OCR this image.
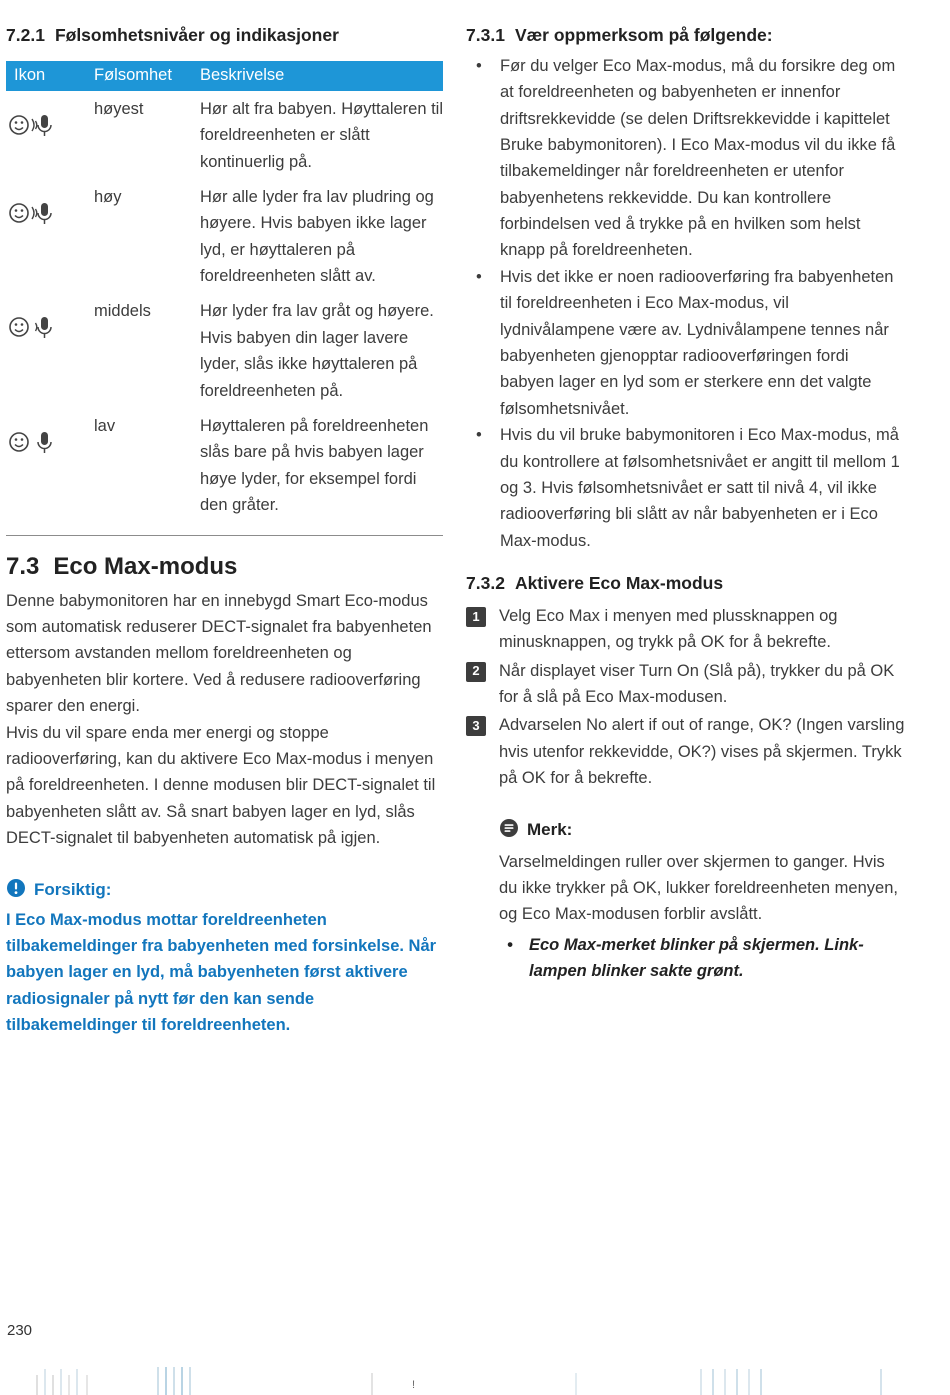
7.2.1 Følsomhetsnivåer og indikasjoner
Ikon	Følsomhet	Beskrivelse

	høyest	Hør alt fra babyen. Høyttaleren til foreldreenheten er slått kontinuerlig på.

	høy	Hør alle lyder fra lav pludring og høyere. Hvis babyen ikke lager lyd, er høyttaleren på foreldreenheten slått av.

	middels	Hør lyder fra lav gråt og høyere. Hvis babyen din lager lavere lyder, slås ikke høyttaleren på foreldreenheten på.

	lav	Høyttaleren på foreldreenheten slås bare på hvis babyen lager høye lyder, for eksempel fordi den gråter.
7.3 Eco Max-modus

Denne babymonitoren har en innebygd Smart Eco-modus som automatisk reduserer DECT-signalet fra babyenheten ettersom avstanden mellom foreldreenheten og babyenheten blir kortere. Ved å redusere radiooverføring sparer den energi.

Hvis du vil spare enda mer energi og stoppe radiooverføring, kan du aktivere Eco Max-modus i menyen på foreldreenheten. I denne modusen blir DECT-signalet til babyenheten slått av. Så snart babyen lager en lyd, slås DECT-signalet til babyenheten automatisk på igjen.

Forsiktig:

I Eco Max-modus mottar foreldreenheten tilbakemeldinger fra babyenheten med forsinkelse. Når babyen lager en lyd, må babyenheten først aktivere radiosignaler på nytt før den kan sende tilbakemeldinger til foreldreenheten.

7.3.1 Vær oppmerksom på følgende:
• Før du velger Eco Max-modus, må du forsikre deg om at foreldreenheten og babyenheten er innenfor driftsrekkevidde (se delen Driftsrekkevidde i kapittelet Bruke babymonitoren). I Eco Max-modus vil du ikke få tilbakemeldinger når foreldreenheten er utenfor babyenhetens rekkevidde. Du kan kontrollere forbindelsen ved å trykke på en hvilken som helst knapp på foreldreenheten.
• Hvis det ikke er noen radiooverføring fra babyenheten til foreldreenheten i Eco Max-modus, vil lydnivålampene være av. Lydnivålampene tennes når babyenheten gjenopptar radiooverføringen fordi babyen lager en lyd som er sterkere enn det valgte følsomhetsnivået.
• Hvis du vil bruke babymonitoren i Eco Max-modus, må du kontrollere at følsomhetsnivået er angitt til mellom 1 og 3. Hvis følsomhetsnivået er satt til nivå 4, vil ikke radiooverføring bli slått av når babyenheten er i Eco Max-modus.
7.3.2 Aktivere Eco Max-modus
1	Velg Eco Max i menyen med plussknappen og minusknappen, og trykk på OK for å bekrefte.
2	Når displayet viser Turn On (Slå på), trykker du på OK for å slå på Eco Max-modusen.
3	Advarselen No alert if out of range, OK? (Ingen varsling hvis utenfor rekkevidde, OK?) vises på skjermen. Trykk på OK for å bekrefte.
Merk:

Varselmeldingen ruller over skjermen to ganger. Hvis du ikke trykker på OK, lukker foreldreenheten menyen, og Eco Max-modusen forblir avslått.

• Eco Max-merket blinker på skjermen. Link-lampen blinker sakte grønt.
230
!
